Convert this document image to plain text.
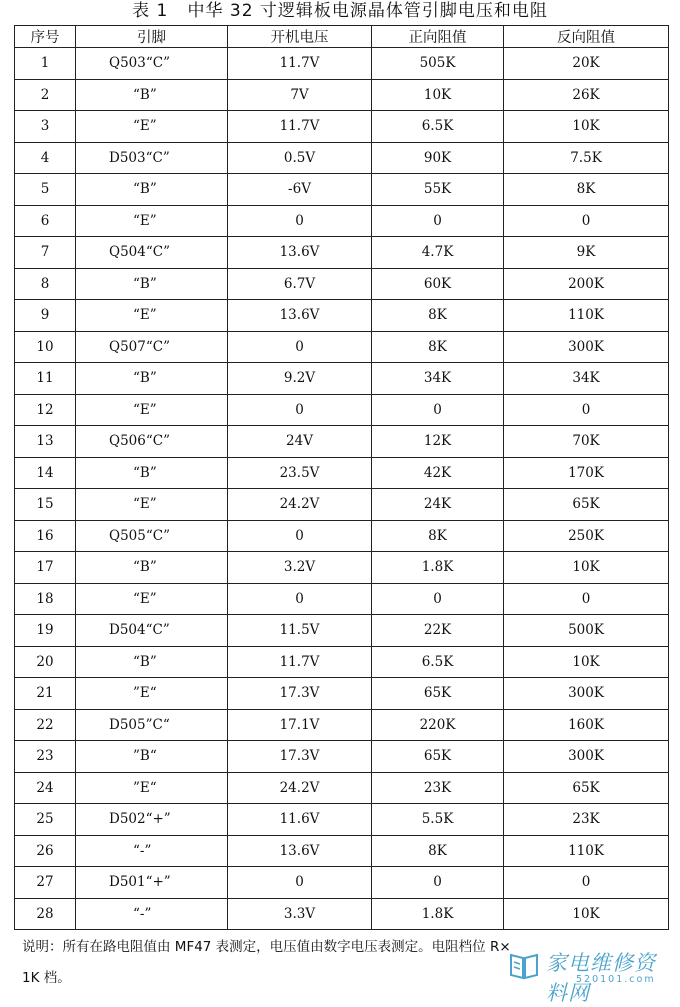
表 1   中华 32 寸逻辑板电源晶体管引脚电压和电阻
序号	引脚	开机电压	正向阻值	反向阻值
1	Q503“C”	11.7V	505K	20K
2	“B”	7V	10K	26K
3	“E”	11.7V	6.5K	10K
4	D503“C”	0.5V	90K	7.5K
5	“B”	-6V	55K	8K
6	“E”	0	0	0
7	Q504“C”	13.6V	4.7K	9K
8	“B”	6.7V	60K	200K
9	“E”	13.6V	8K	110K
10	Q507“C”	0	8K	300K
11	“B”	9.2V	34K	34K
12	“E”	0	0	0
13	Q506“C”	24V	12K	70K
14	“B”	23.5V	42K	170K
15	“E”	24.2V	24K	65K
16	Q505“C”	0	8K	250K
17	“B”	3.2V	1.8K	10K
18	“E”	0	0	0
19	D504“C”	11.5V	22K	500K
20	“B”	11.7V	6.5K	10K
21	”E“	17.3V	65K	300K
22	D505”C“	17.1V	220K	160K
23	”B“	17.3V	65K	300K
24	”E“	24.2V	23K	65K
25	D502“+”	11.6V	5.5K	23K
26	“-”	13.6V	8K	110K
27	D501“+”	0	0	0
28	“-”	3.3V	1.8K	10K
说明：所有在路电阻值由 MF47 表测定，电压值由数字电压表测定。电阻档位 R×
1K 档。
家电维修资料网
520101.com
